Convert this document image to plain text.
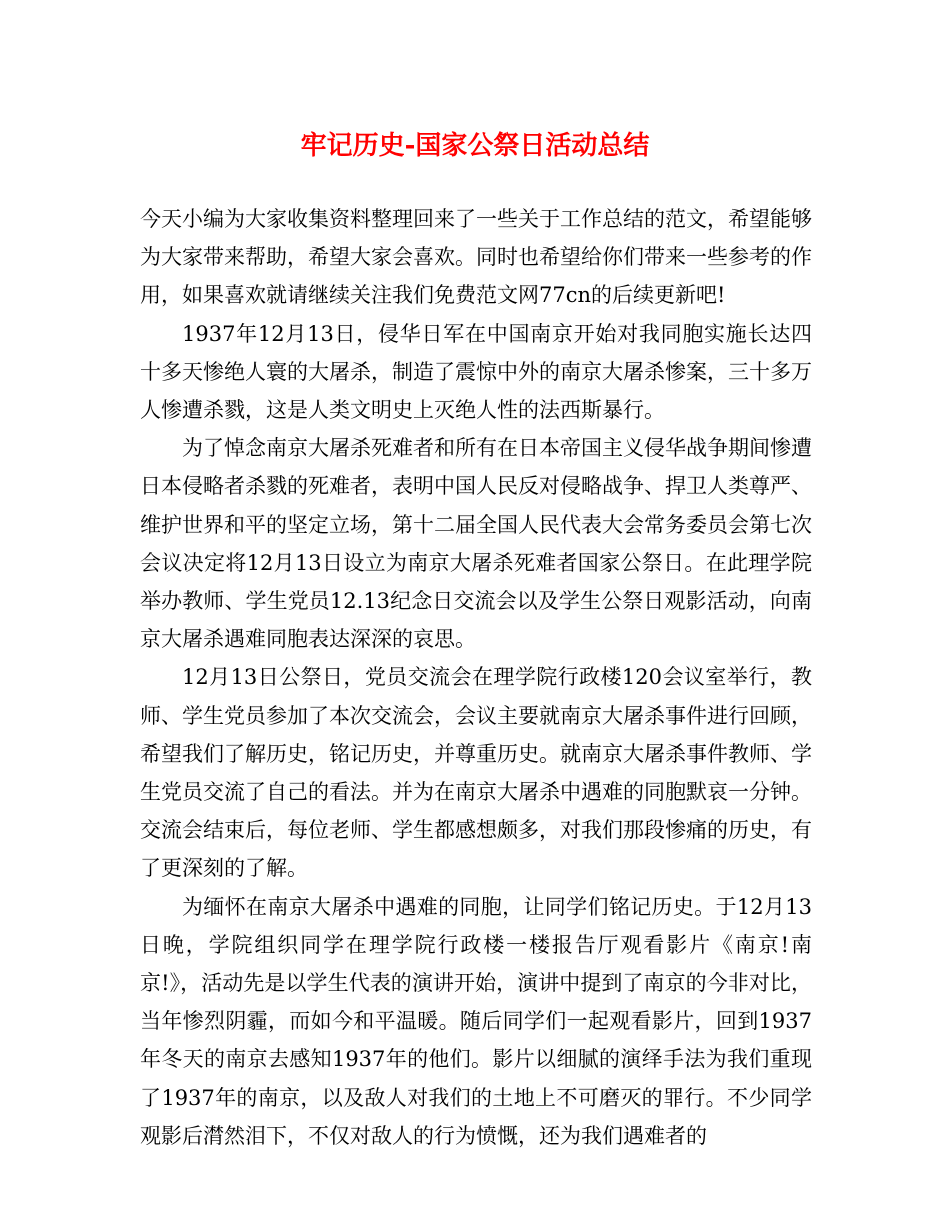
牢记历史-国家公祭日活动总结

今天小编为大家收集资料整理回来了一些关于工作总结的范文，希望能够为大家带来帮助，希望大家会喜欢。同时也希望给你们带来一些参考的作用，如果喜欢就请继续关注我们免费范文网77cn的后续更新吧!

1937年12月13日，侵华日军在中国南京开始对我同胞实施长达四十多天惨绝人寰的大屠杀，制造了震惊中外的南京大屠杀惨案，三十多万人惨遭杀戮，这是人类文明史上灭绝人性的法西斯暴行。

为了悼念南京大屠杀死难者和所有在日本帝国主义侵华战争期间惨遭日本侵略者杀戮的死难者，表明中国人民反对侵略战争、捍卫人类尊严、维护世界和平的坚定立场，第十二届全国人民代表大会常务委员会第七次会议决定将12月13日设立为南京大屠杀死难者国家公祭日。在此理学院举办教师、学生党员12.13纪念日交流会以及学生公祭日观影活动，向南京大屠杀遇难同胞表达深深的哀思。

12月13日公祭日，党员交流会在理学院行政楼120会议室举行，教师、学生党员参加了本次交流会，会议主要就南京大屠杀事件进行回顾，希望我们了解历史，铭记历史，并尊重历史。就南京大屠杀事件教师、学生党员交流了自己的看法。并为在南京大屠杀中遇难的同胞默哀一分钟。交流会结束后，每位老师、学生都感想颇多，对我们那段惨痛的历史，有了更深刻的了解。

为缅怀在南京大屠杀中遇难的同胞，让同学们铭记历史。于12月13日晚，学院组织同学在理学院行政楼一楼报告厅观看影片《南京!南京!》，活动先是以学生代表的演讲开始，演讲中提到了南京的今非对比，当年惨烈阴霾，而如今和平温暖。随后同学们一起观看影片，回到1937年冬天的南京去感知1937年的他们。影片以细腻的演绎手法为我们重现了1937年的南京，以及敌人对我们的土地上不可磨灭的罪行。不少同学观影后潸然泪下，不仅对敌人的行为愤慨，还为我们遇难者的
